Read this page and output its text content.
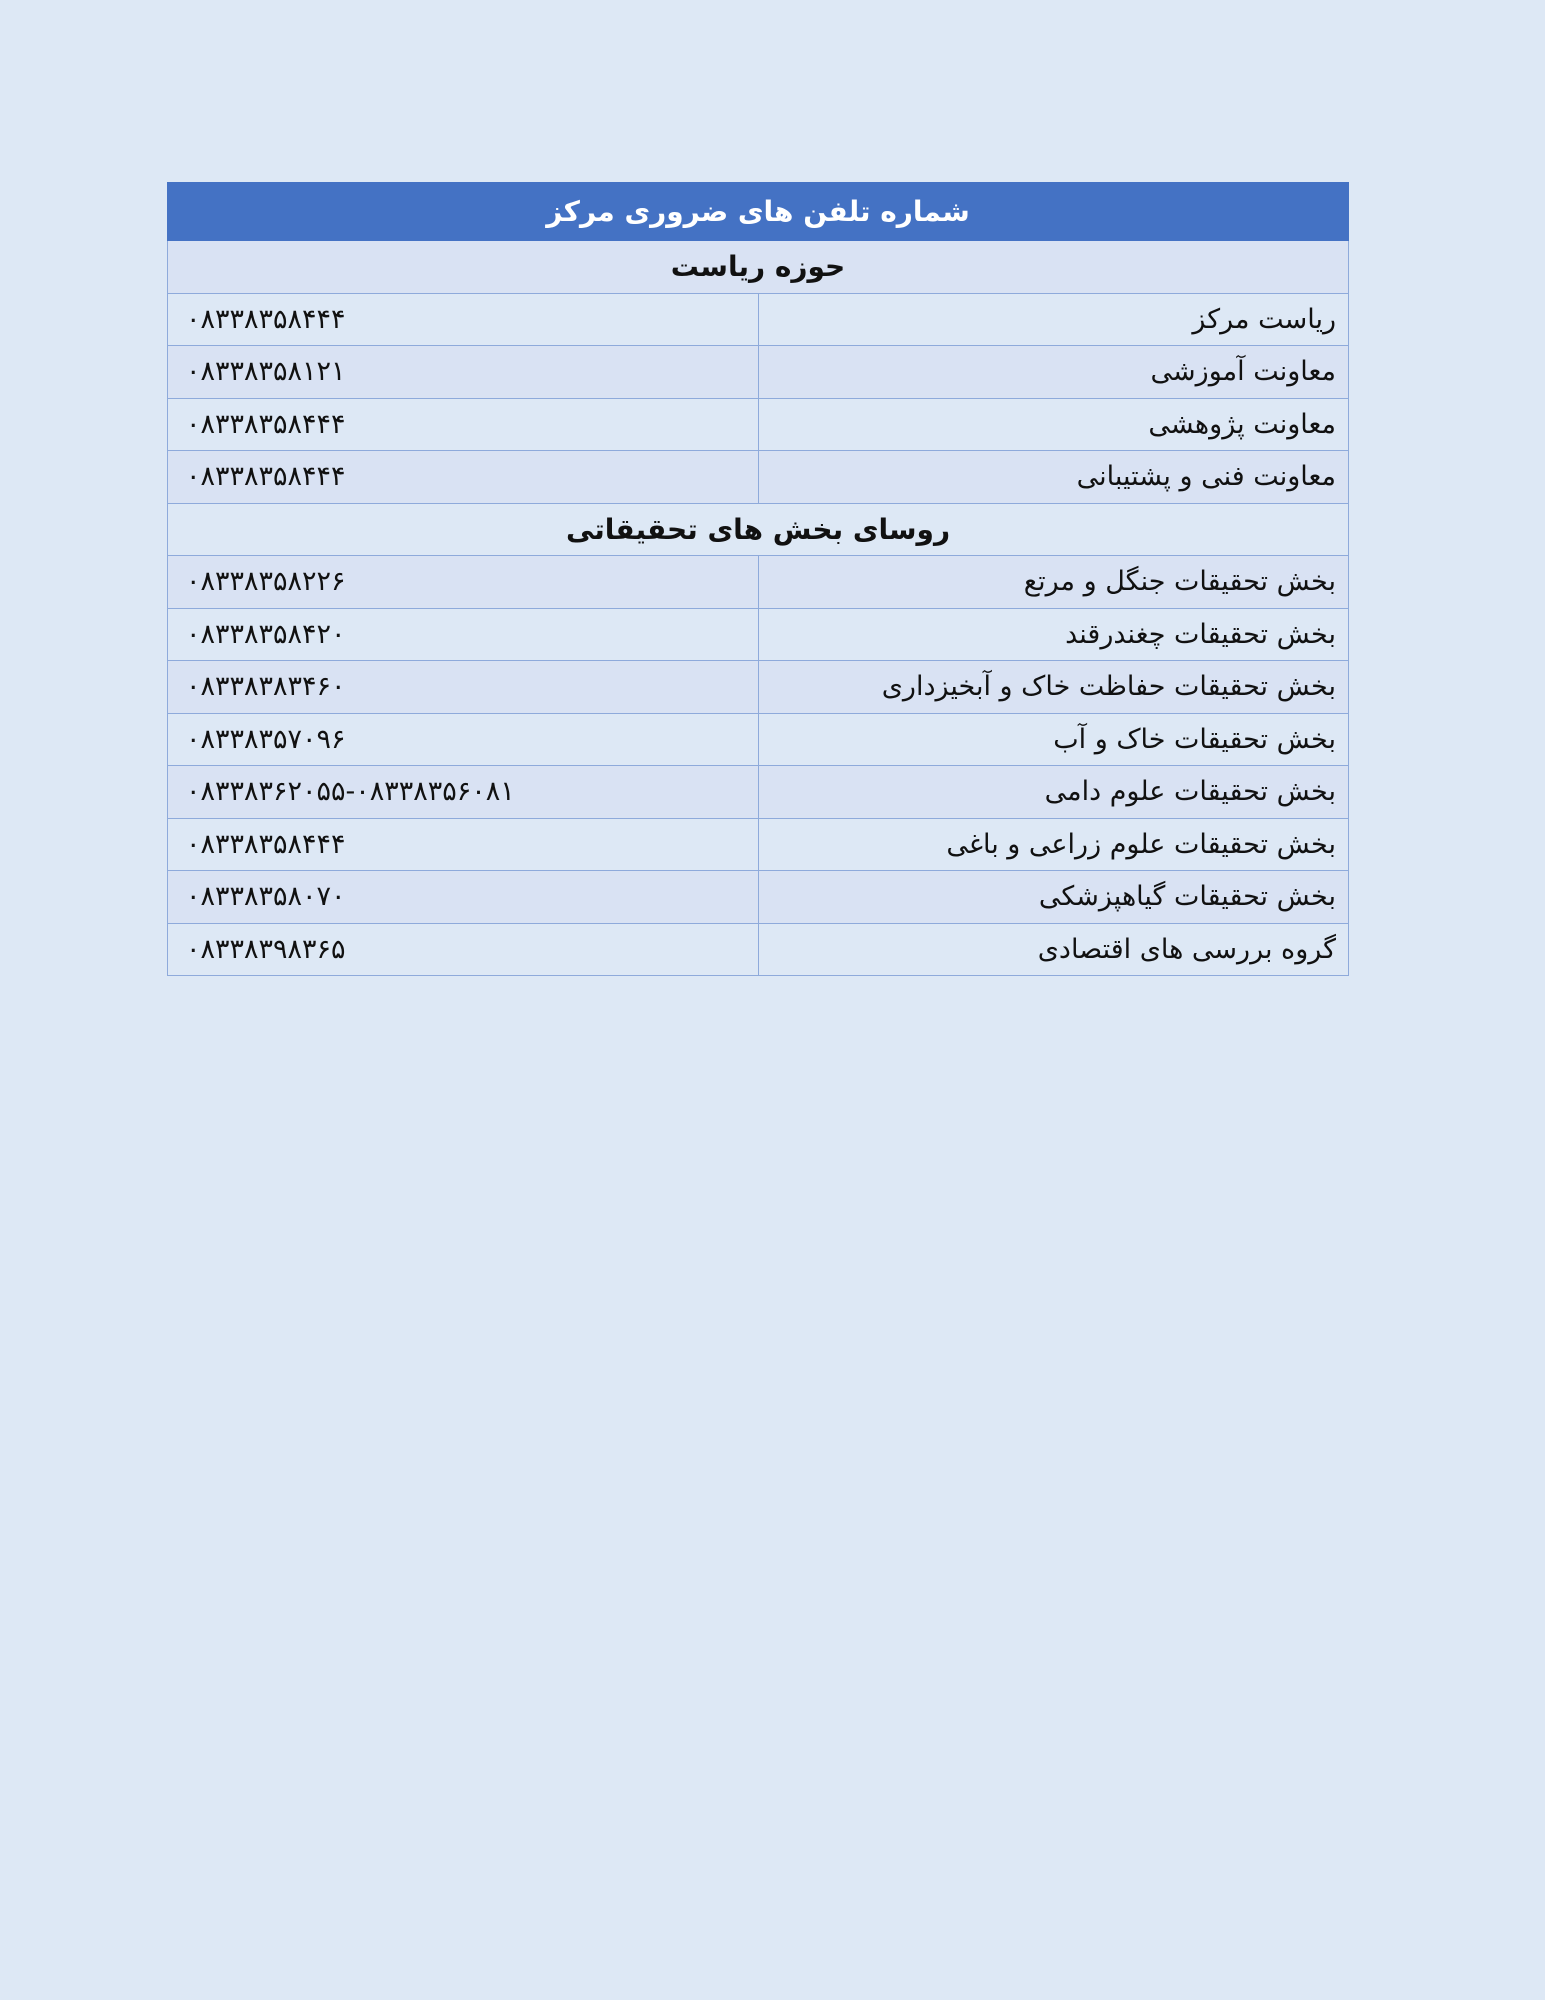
شماره تلفن های ضروری مرکز	
حوزه ریاست	
ریاست مرکز	۰۸۳۳۸۳۵۸۴۴۴
معاونت آموزشی	۰۸۳۳۸۳۵۸۱۲۱
معاونت پژوهشی	۰۸۳۳۸۳۵۸۴۴۴
معاونت فنی و پشتیبانی	۰۸۳۳۸۳۵۸۴۴۴
روسای بخش های تحقیقاتی	
بخش تحقیقات جنگل و مرتع	۰۸۳۳۸۳۵۸۲۲۶
بخش تحقیقات چغندرقند	۰۸۳۳۸۳۵۸۴۲۰
بخش تحقیقات حفاظت خاک و آبخیزداری	۰۸۳۳۸۳۸۳۴۶۰
بخش تحقیقات خاک و آب	۰۸۳۳۸۳۵۷۰۹۶
بخش تحقیقات علوم دامی	۰۸۳۳۸۳۶۲۰۵۵-۰۸۳۳۸۳۵۶۰۸۱
بخش تحقیقات علوم زراعی و باغی	۰۸۳۳۸۳۵۸۴۴۴
بخش تحقیقات گیاهپزشکی	۰۸۳۳۸۳۵۸۰۷۰
گروه بررسی های اقتصادی	۰۸۳۳۸۳۹۸۳۶۵
